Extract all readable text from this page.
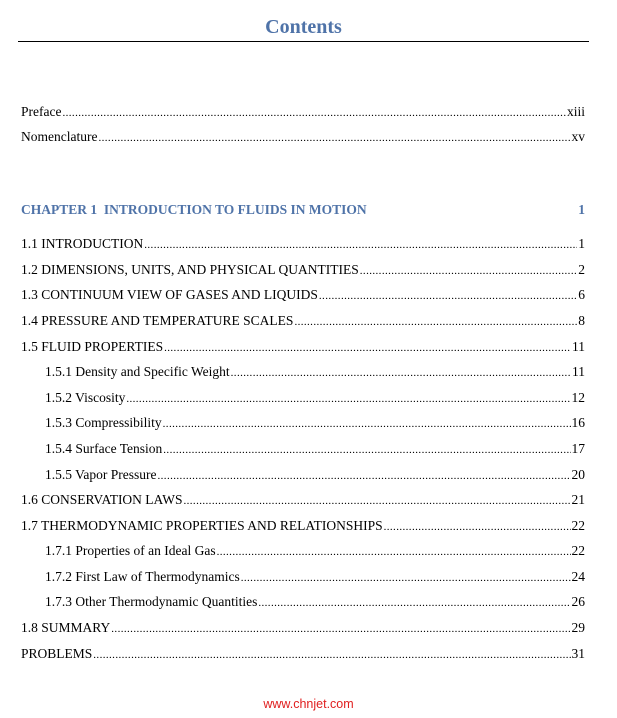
Contents
Preface .....	xiii
Nomenclature .....	xv
CHAPTER 1  INTRODUCTION TO FLUIDS IN MOTION	1
1.1 INTRODUCTION .....	1
1.2 DIMENSIONS, UNITS, AND PHYSICAL QUANTITIES .....	2
1.3 CONTINUUM VIEW OF GASES AND LIQUIDS .....	6
1.4 PRESSURE AND TEMPERATURE SCALES .....	8
1.5 FLUID PROPERTIES .....	11
1.5.1 Density and Specific Weight .....	11
1.5.2 Viscosity .....	12
1.5.3 Compressibility .....	16
1.5.4 Surface Tension .....	17
1.5.5 Vapor Pressure .....	20
1.6 CONSERVATION LAWS .....	21
1.7 THERMODYNAMIC PROPERTIES AND RELATIONSHIPS .....	22
1.7.1 Properties of an Ideal Gas .....	22
1.7.2 First Law of Thermodynamics .....	24
1.7.3 Other Thermodynamic Quantities .....	26
1.8 SUMMARY .....	29
PROBLEMS .....	31
www.chnjet.com
